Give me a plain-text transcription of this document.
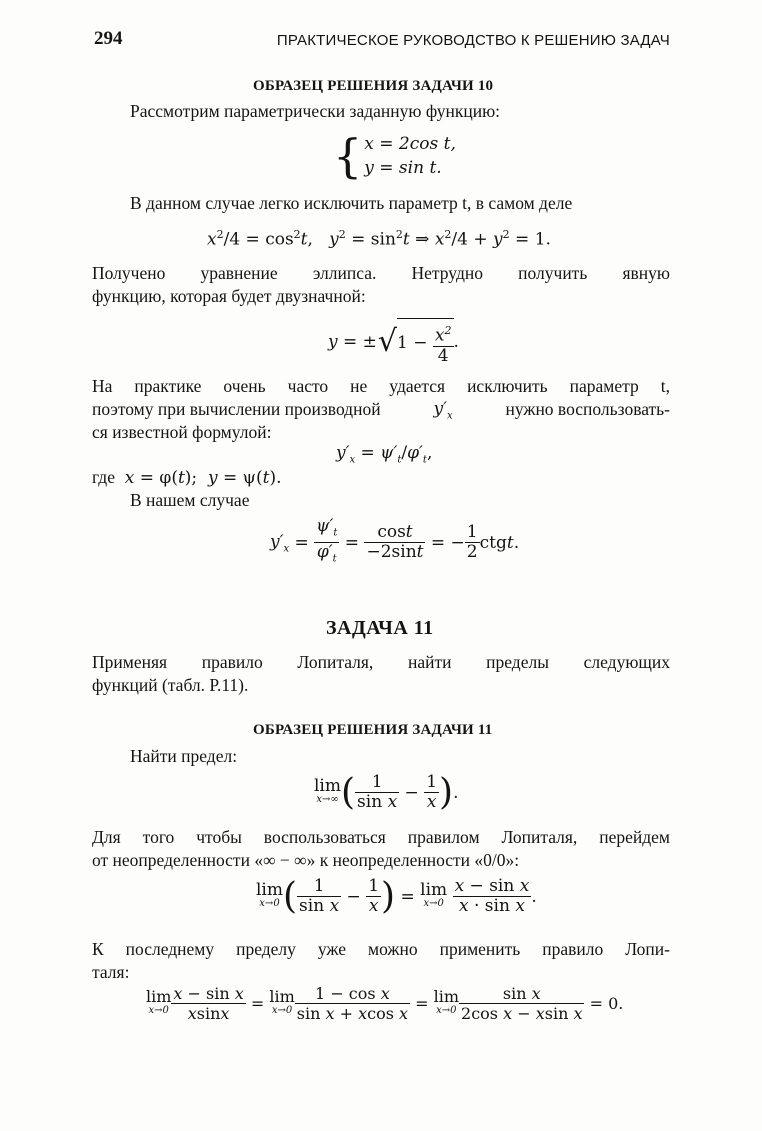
294	ПРАКТИЧЕСКОЕ РУКОВОДСТВО К РЕШЕНИЮ ЗАДАЧ
ОБРАЗЕЦ РЕШЕНИЯ ЗАДАЧИ 10
Рассмотрим параметрически заданную функцию:
{ x = 2cos t,
y = sin t.
В данном случае легко исключить параметр t, в самом деле
$x^2/4 = \cos^2t$,   $y^2 = \sin^2t$ ⇒ $x^2/4 + y^2 = 1$.
Получено уравнение эллипса. Нетрудно получить явную
функцию, которая будет двузначной:
y = ± √ $1 - \frac{x^2}{4}$ .
На практике очень часто не удается исключить параметр t,
поэтому при вычислении производной	$y'_x$	нужно воспользовать-
ся известной формулой:
$y'_x = \psi'_t/\varphi'_t$,
где x = φ(t);  y = ψ(t).
В нашем случае
$y'_x = \frac{\psi'_t}{\varphi'_t} = \frac{\cos t}{-2\sin t}$ = − $\frac{1}{2}$ ctg t .
ЗАДАЧА 11
Применяя правило Лопиталя, найти пределы следующих
функций (табл. Р.11).
ОБРАЗЕЦ РЕШЕНИЯ ЗАДАЧИ 11
Найти предел:
lim
x→∞ ( $\frac{1}{\text{sin x}} - \frac{1}{x}$ ) .
Для того чтобы воспользоваться правилом Лопиталя, перейдем
от неопределенности «∞ − ∞» к неопределенности «0/0»:
lim
x→0 ( $\frac{1}{\text{sin x}} - \frac{1}{x}$ ) = lim
x→0
$\frac{\text{x − sin x}}{\text{x · sin x}}$ .
К последнему пределу уже можно применить правило Лопи-
таля:
lim
$x\to 0 \frac{\text{x − sin x}}{xsinx} = \lim$
$x\to 0 \frac{\text{1 − cos x}}{\text{sin x + xcos x}} = \lim$
$x\to 0 \frac{\text{sin x}}{\text{2cos x − xsin x}} = 0$.
